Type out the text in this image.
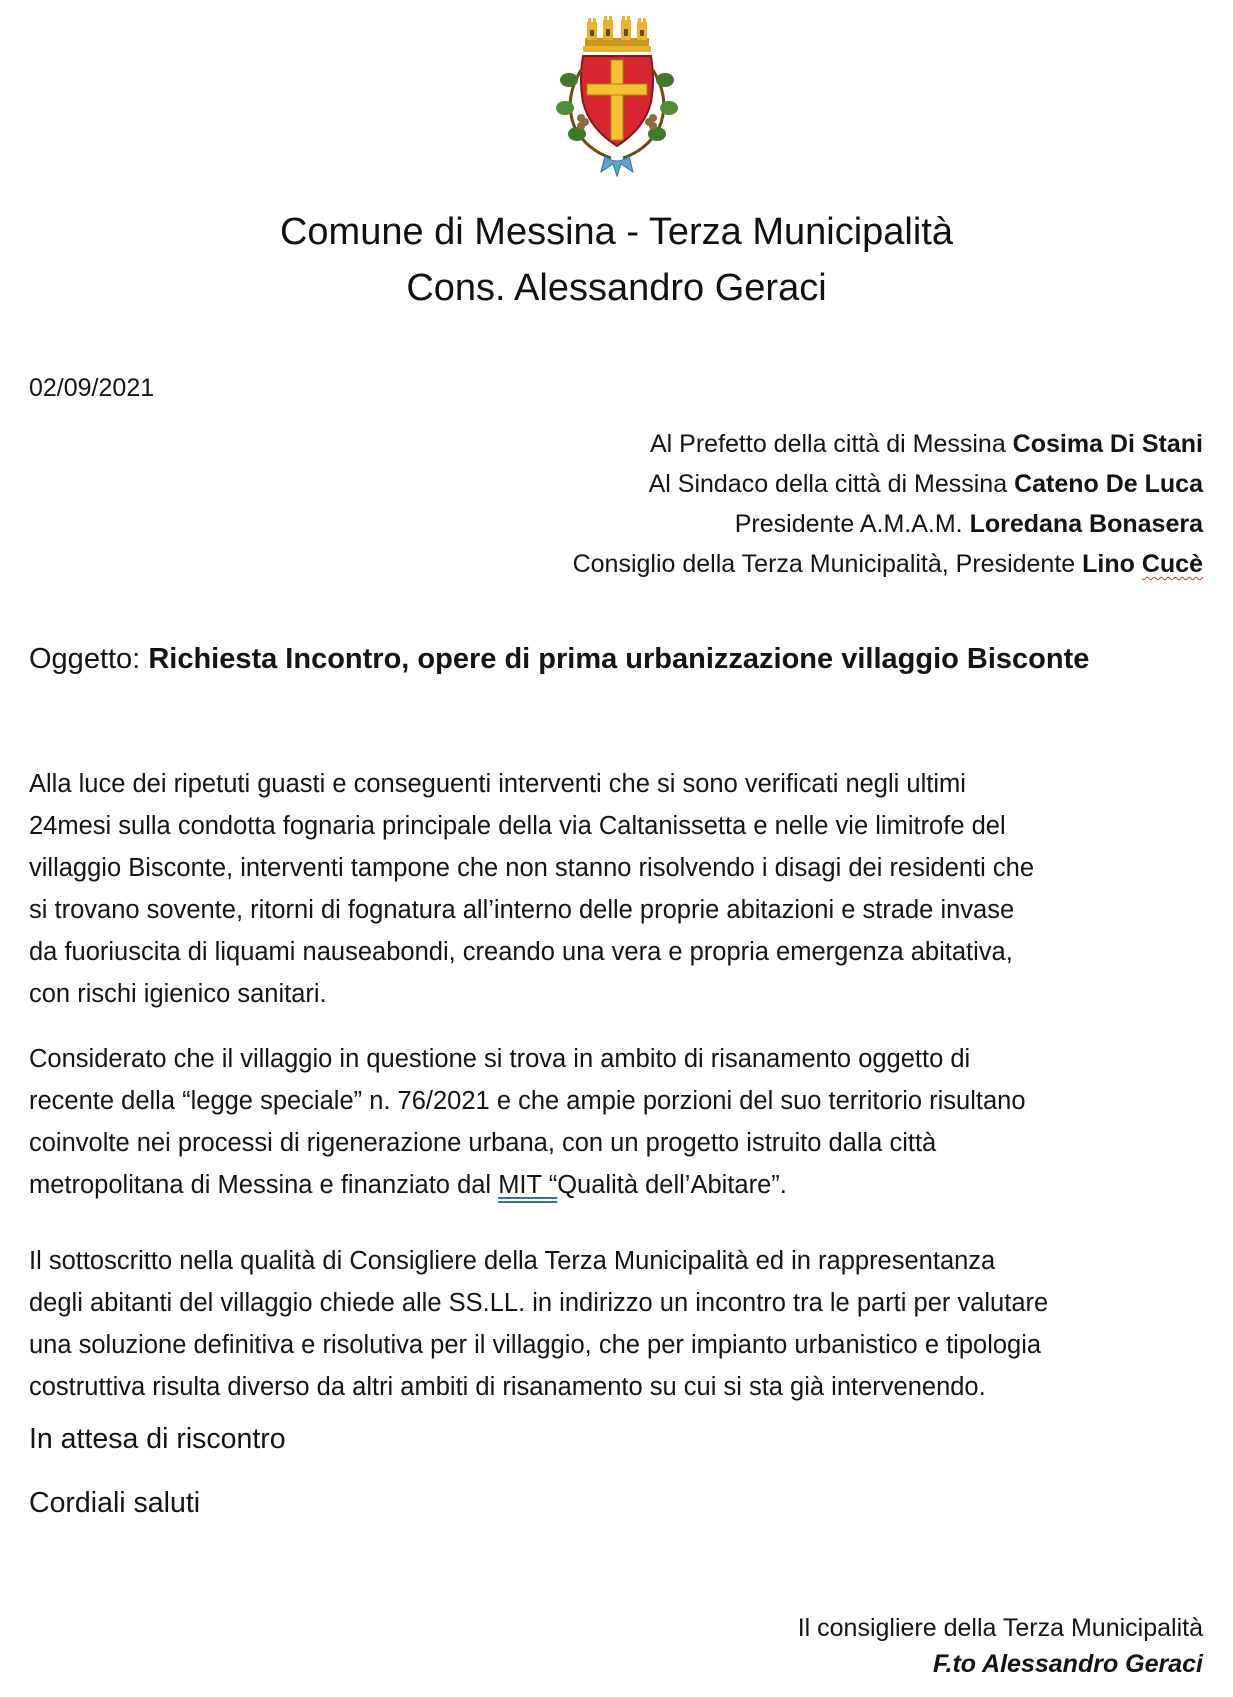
Comune di Messina - Terza Municipalità
Cons. Alessandro Geraci
02/09/2021
Al Prefetto della città di Messina Cosima Di Stani
Al Sindaco della città di Messina Cateno De Luca
Presidente A.M.A.M. Loredana Bonasera
Consiglio della Terza Municipalità, Presidente Lino Cucè
Oggetto: Richiesta Incontro, opere di prima urbanizzazione villaggio Bisconte
Alla luce dei ripetuti guasti e conseguenti interventi che si sono verificati negli ultimi
24mesi sulla condotta fognaria principale della via Caltanissetta e nelle vie limitrofe del
villaggio Bisconte, interventi tampone che non stanno risolvendo i disagi dei residenti che
si trovano sovente, ritorni di fognatura all’interno delle proprie abitazioni e strade invase
da fuoriuscita di liquami nauseabondi, creando una vera e propria emergenza abitativa,
con rischi igienico sanitari.
Considerato che il villaggio in questione si trova in ambito di risanamento oggetto di
recente della “legge speciale” n. 76/2021 e che ampie porzioni del suo territorio risultano
coinvolte nei processi di rigenerazione urbana, con un progetto istruito dalla città
metropolitana di Messina e finanziato dal MIT “Qualità dell’Abitare”.
Il sottoscritto nella qualità di Consigliere della Terza Municipalità ed in rappresentanza
degli abitanti del villaggio chiede alle SS.LL. in indirizzo un incontro tra le parti per valutare
una soluzione definitiva e risolutiva per il villaggio, che per impianto urbanistico e tipologia
costruttiva risulta diverso da altri ambiti di risanamento su cui si sta già intervenendo.
In attesa di riscontro
Cordiali saluti
Il consigliere della Terza Municipalità
F.to Alessandro Geraci
